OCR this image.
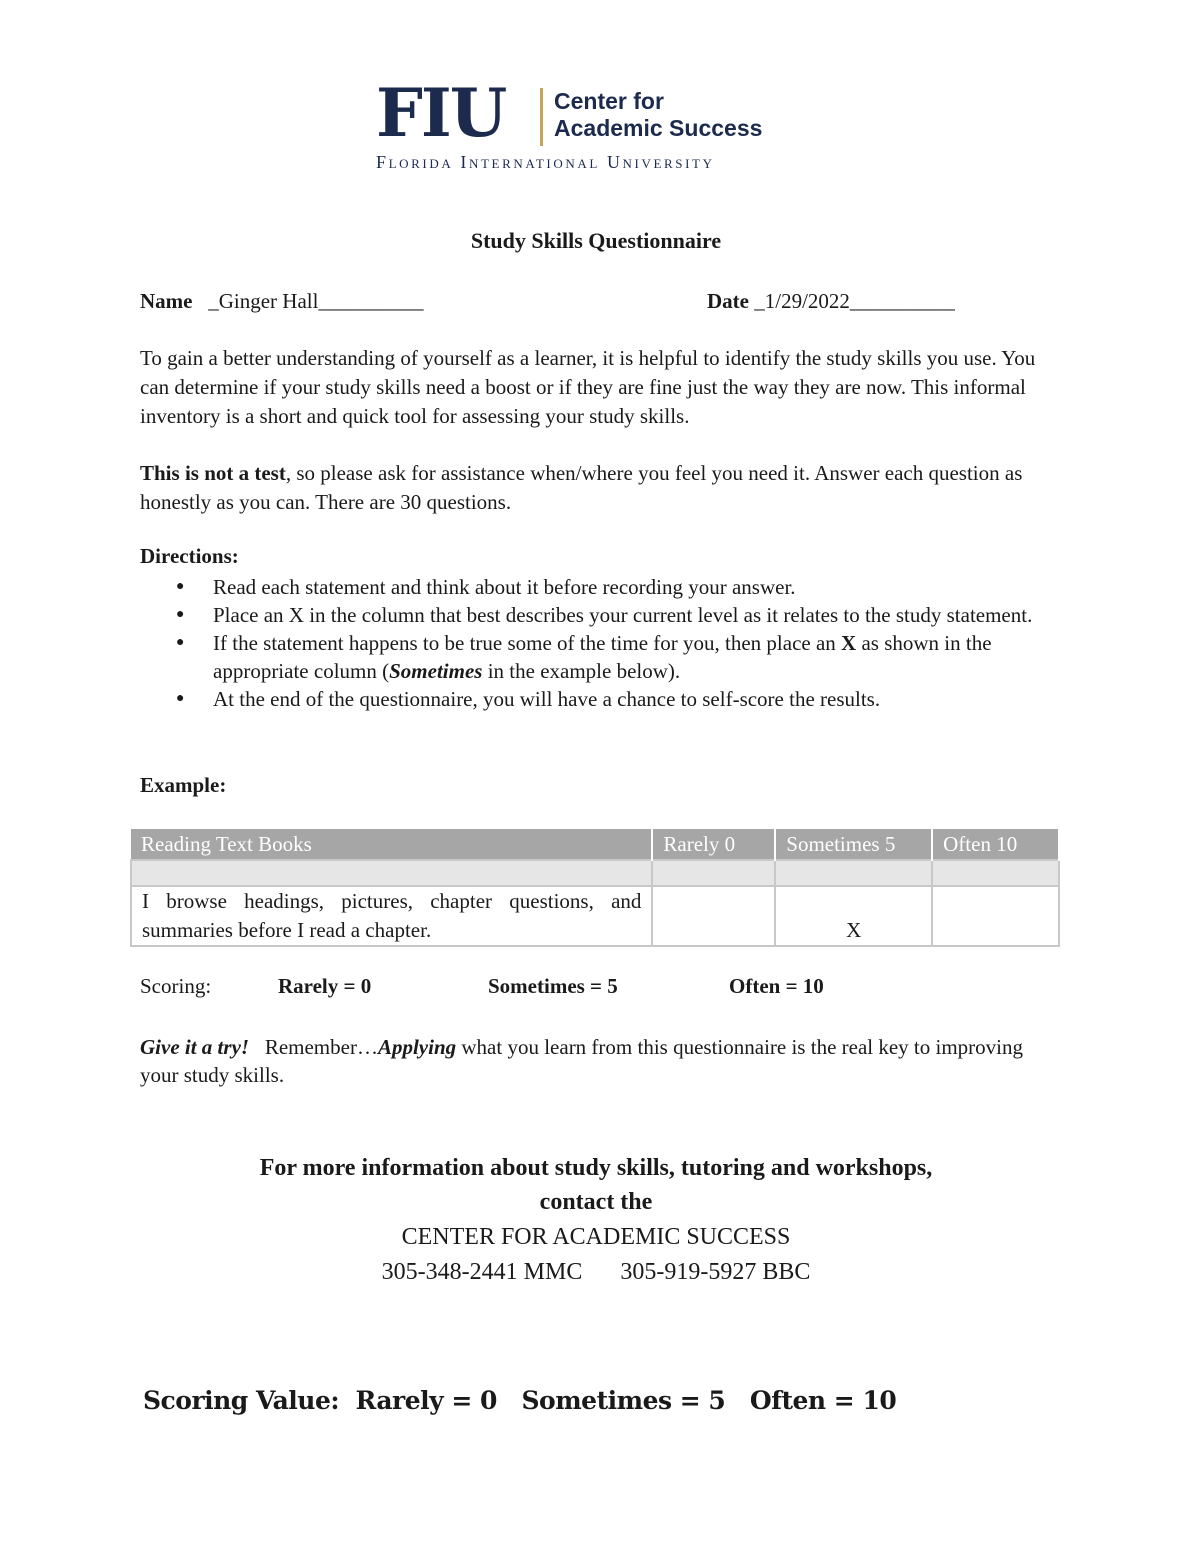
FIU Center for
Academic Success
Florida International University
Study Skills Questionnaire
Name _Ginger Hall__________	Date _1/29/2022__________
To gain a better understanding of yourself as a learner, it is helpful to identify the study skills you use. You can determine if your study skills need a boost or if they are fine just the way they are now. This informal inventory is a short and quick tool for assessing your study skills.
This is not a test, so please ask for assistance when/where you feel you need it. Answer each question as honestly as you can. There are 30 questions.
Directions:
● Read each statement and think about it before recording your answer.
● Place an X in the column that best describes your current level as it relates to the study statement.
● If the statement happens to be true some of the time for you, then place an X as shown in the appropriate column (Sometimes in the example below).
● At the end of the questionnaire, you will have a chance to self-score the results.
Example:
Reading Text Books	Rarely 0	Sometimes 5	Often 10

I browse headings, pictures, chapter questions, and summaries before I read a chapter.		X	
Scoring:	Rarely = 0	Sometimes = 5	Often = 10
Give it a try!   Remember…Applying what you learn from this questionnaire is the real key to improving your study skills.
For more information about study skills, tutoring and workshops,
contact the
CENTER FOR ACADEMIC SUCCESS
305-348-2441 MMC 305-919-5927 BBC
Scoring Value:  Rarely = 0   Sometimes = 5   Often = 10
